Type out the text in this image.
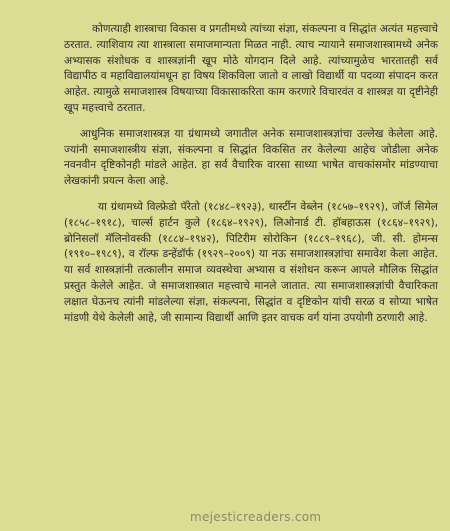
कोणत्याही शास्त्राचा विकास व प्रगतीमध्ये त्यांच्या संज्ञा, संकल्पना व सिद्धांत अत्यंत महत्त्वाचे ठरतात. त्याशिवाय त्या शास्त्राला समाजमान्यता मिळत नाही. त्याच न्यायाने समाजशास्त्रामध्ये अनेक अभ्यासक संशोधक व शास्त्रज्ञांनी खूप मोठे योगदान दिले आहे. त्यांच्यामुळेच भारतातही सर्व विद्यापीठ व महाविद्यालयांमधून हा विषय शिकविला जातो व लाखो विद्यार्थी या पदव्या संपादन करत आहेत. त्यामुळे समाजशास्त्र विषयाच्या विकासाकरिता काम करणारे विचारवंत व शास्त्रज्ञ या दृष्टीनेही खूप महत्त्वाचे ठरतात.

आधुनिक समाजशास्त्रज्ञ या ग्रंथामध्ये जगातील अनेक समाजशास्त्रज्ञांचा उल्लेख केलेला आहे. ज्यांनी समाजशास्त्रीय संज्ञा, संकल्पना व सिद्धांत विकसित तर केलेल्या आहेच जोडीला अनेक नवनवीन दृष्टिकोनही मांडले आहेत. हा सर्व वैचारिक वारसा साध्या भाषेत वाचकांसमोर मांडण्याचा लेखकांनी प्रयत्न केला आहे.

या ग्रंथामध्ये विल्फ्रेडो पॅरेतो (१८४८–१९२३), थार्स्टीन वेब्लेन (१८५७–१९२९), जॉर्ज सिमेल (१८५८–१९१८), चार्ल्स हार्टन कुले (१८६४–१९२९), लिओनार्ड टी. हॉबहाऊस (१८६४–१९२९), ब्रोनिसलॉ मॅलिनोवस्की (१८८४–१९४२), पिटिरीम सोरोकिन (१८८९–१९६८), जी. सी. होमन्स (१९१०–१९८९), व रॉल्फ डन्हेंडॉर्फ (१९२९–२००९) या नऊ समाजशास्त्रज्ञांचा समावेश केला आहेत. या सर्व शास्त्रज्ञांनी तत्कालीन समाज व्यवस्थेचा अभ्यास व संशोधन करून आपले मौलिक सिद्धांत प्रस्तुत केलेले आहेत. जे समाजशास्त्रात महत्त्वाचे मानले जातात. त्या समाजशास्त्रज्ञांची वैचारिकता लक्षात घेऊनच त्यांनी मांडलेल्या संज्ञा, संकल्पना, सिद्धांत व दृष्टिकोन यांची सरळ व सोप्या भाषेत मांडणी येथे केलेली आहे, जी सामान्य विद्यार्थी आणि इतर वाचक वर्ग यांना उपयोगी ठरणारी आहे.

mejesticreaders.com
